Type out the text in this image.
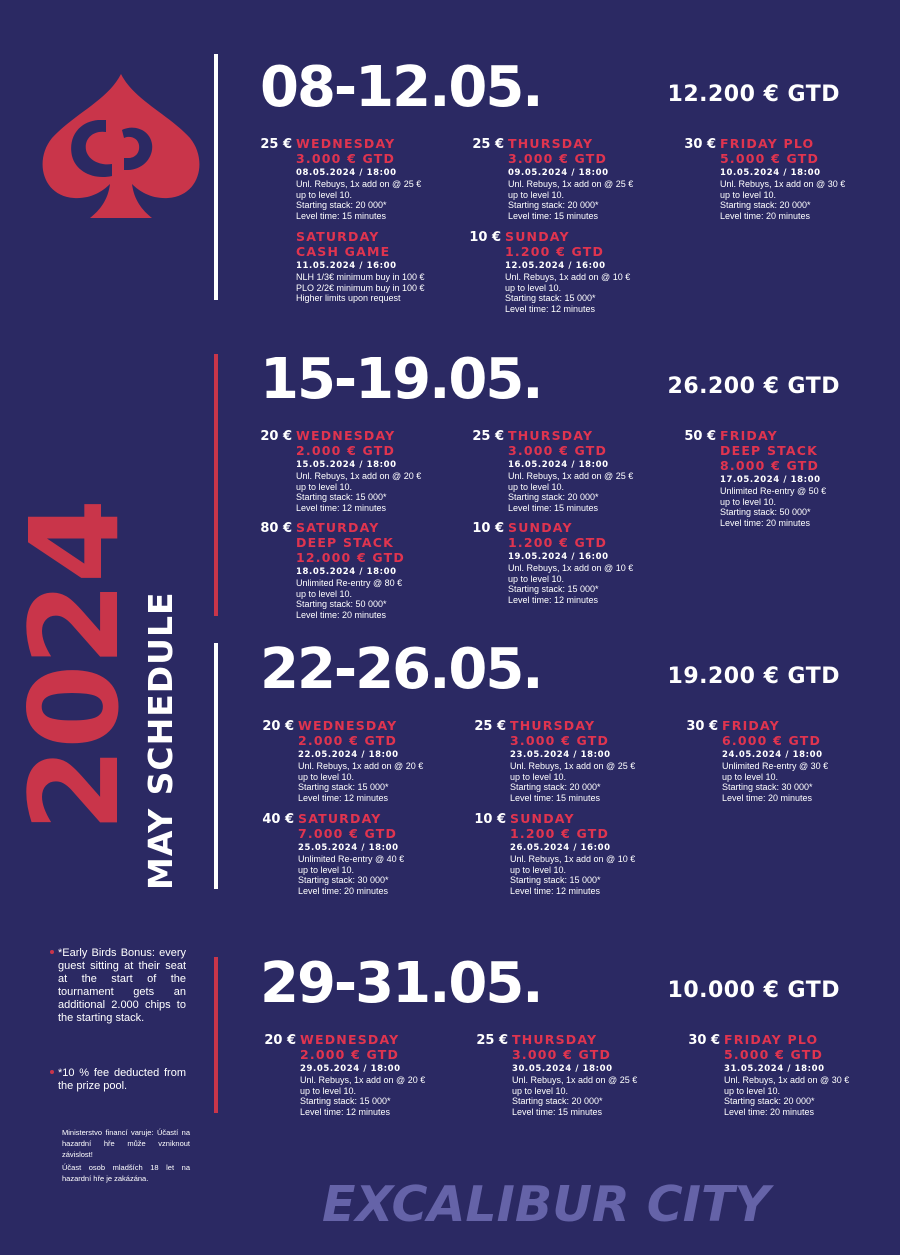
2024
MAY SCHEDULE
08-12.05.	12.200 € GTD
25 € WEDNESDAY
3.000 € GTD
08.05.2024 / 18:00
Unl. Rebuys, 1x add on @ 25 €
up to level 10.
Starting stack: 20 000*
Level time: 15 minutes
25 € THURSDAY
3.000 € GTD
09.05.2024 / 18:00
Unl. Rebuys, 1x add on @ 25 €
up to level 10.
Starting stack: 20 000*
Level time: 15 minutes
30 € FRIDAY PLO
5.000 € GTD
10.05.2024 / 18:00
Unl. Rebuys, 1x add on @ 30 €
up to level 10.
Starting stack: 20 000*
Level time: 20 minutes
SATURDAY
CASH GAME
11.05.2024 / 16:00
NLH 1/3€ minimum buy in 100 €
PLO 2/2€ minimum buy in 100 €
Higher limits upon request
10 € SUNDAY
1.200 € GTD
12.05.2024 / 16:00
Unl. Rebuys, 1x add on @ 10 €
up to level 10.
Starting stack: 15 000*
Level time: 12 minutes
15-19.05.	26.200 € GTD
20 € WEDNESDAY
2.000 € GTD
15.05.2024 / 18:00
Unl. Rebuys, 1x add on @ 20 €
up to level 10.
Starting stack: 15 000*
Level time: 12 minutes
25 € THURSDAY
3.000 € GTD
16.05.2024 / 18:00
Unl. Rebuys, 1x add on @ 25 €
up to level 10.
Starting stack: 20 000*
Level time: 15 minutes
50 € FRIDAY
DEEP STACK
8.000 € GTD
17.05.2024 / 18:00
Unlimited Re-entry @ 50 €
up to level 10.
Starting stack: 50 000*
Level time: 20 minutes
80 € SATURDAY
DEEP STACK
12.000 € GTD
18.05.2024 / 18:00
Unlimited Re-entry @ 80 €
up to level 10.
Starting stack: 50 000*
Level time: 20 minutes
10 € SUNDAY
1.200 € GTD
19.05.2024 / 16:00
Unl. Rebuys, 1x add on @ 10 €
up to level 10.
Starting stack: 15 000*
Level time: 12 minutes
22-26.05.	19.200 € GTD
20 € WEDNESDAY
2.000 € GTD
22.05.2024 / 18:00
Unl. Rebuys, 1x add on @ 20 €
up to level 10.
Starting stack: 15 000*
Level time: 12 minutes
25 € THURSDAY
3.000 € GTD
23.05.2024 / 18:00
Unl. Rebuys, 1x add on @ 25 €
up to level 10.
Starting stack: 20 000*
Level time: 15 minutes
30 € FRIDAY
6.000 € GTD
24.05.2024 / 18:00
Unlimited Re-entry @ 30 €
up to level 10.
Starting stack: 30 000*
Level time: 20 minutes
40 € SATURDAY
7.000 € GTD
25.05.2024 / 18:00
Unlimited Re-entry @ 40 €
up to level 10.
Starting stack: 30 000*
Level time: 20 minutes
10 € SUNDAY
1.200 € GTD
26.05.2024 / 16:00
Unl. Rebuys, 1x add on @ 10 €
up to level 10.
Starting stack: 15 000*
Level time: 12 minutes
29-31.05.	10.000 € GTD
20 € WEDNESDAY
2.000 € GTD
29.05.2024 / 18:00
Unl. Rebuys, 1x add on @ 20 €
up to level 10.
Starting stack: 15 000*
Level time: 12 minutes
25 € THURSDAY
3.000 € GTD
30.05.2024 / 18:00
Unl. Rebuys, 1x add on @ 25 €
up to level 10.
Starting stack: 20 000*
Level time: 15 minutes
30 € FRIDAY PLO
5.000 € GTD
31.05.2024 / 18:00
Unl. Rebuys, 1x add on @ 30 €
up to level 10.
Starting stack: 20 000*
Level time: 20 minutes
*Early Birds Bonus: every guest sitting at their seat at the start of the tournament gets an additional 2.000 chips to the starting stack.
*10 % fee deducted from the prize pool.
Ministerstvo financí varuje: Účastí na hazardní hře může vzniknout závislost!
Účast osob mladších 18 let na hazardní hře je zakázána.	EXCALIBUR CITY
